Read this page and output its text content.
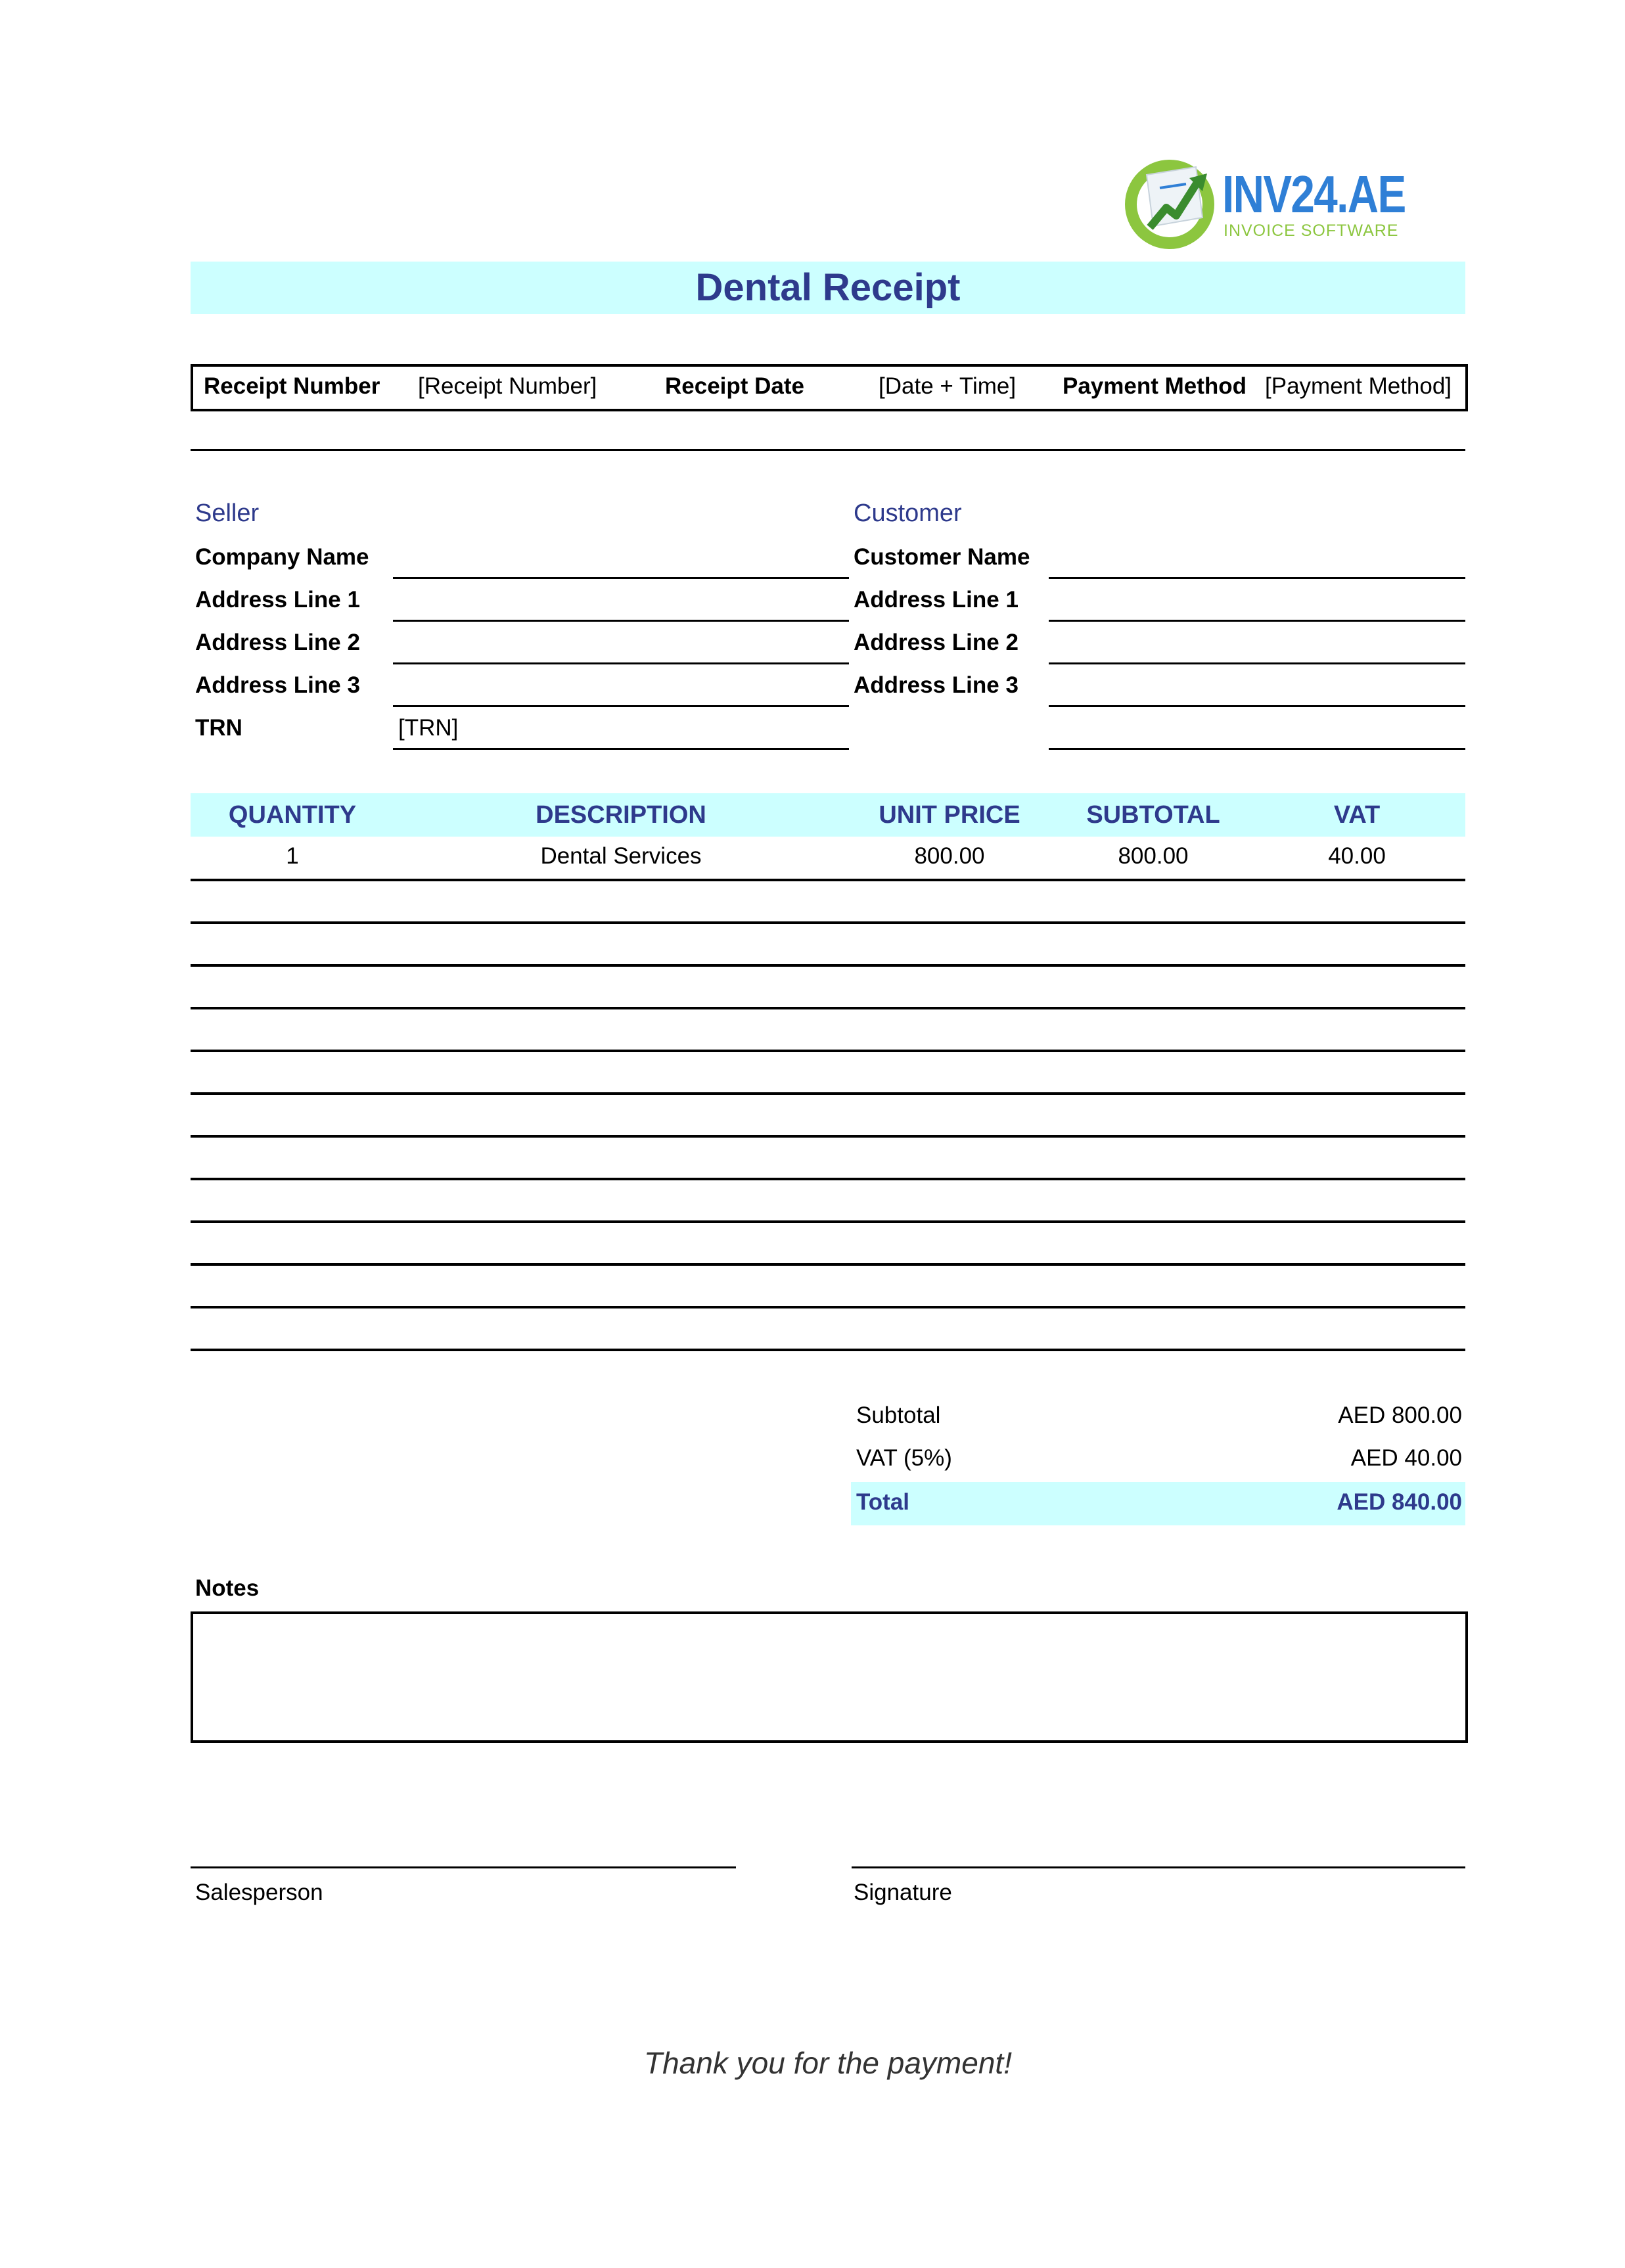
INV24.AE
INVOICE SOFTWARE
Dental Receipt
Receipt Number [Receipt Number]	Receipt Date	[Date + Time] Payment Method [Payment Method]
Seller
Company Name
Address Line 1
Address Line 2
Address Line 3
TRN	[TRN]
Customer
Customer Name
Address Line 1
Address Line 2
Address Line 3
QUANTITY	DESCRIPTION	UNIT PRICE	SUBTOTAL	VAT
1	Dental Services	800.00	800.00	40.00
Subtotal	AED 800.00
VAT (5%)	AED 40.00
Total	AED 840.00
Notes
Salesperson	Signature
Thank you for the payment!
